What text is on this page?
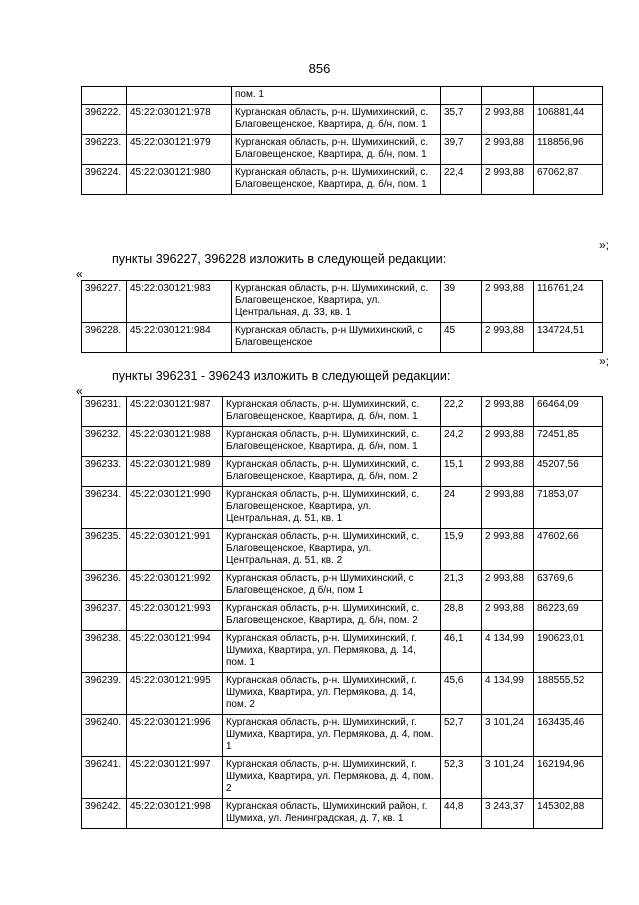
856
		пом. 1			
396222.	45:22:030121:978	Курганская область, р-н. Шумихинский, с. Благовещенское, Квартира, д. б/н, пом. 1	35,7	2 993,88	106881,44
396223.	45:22:030121:979	Курганская область, р-н. Шумихинский, с. Благовещенское, Квартира, д. б/н, пом. 1	39,7	2 993,88	118856,96
396224.	45:22:030121:980	Курганская область, р-н. Шумихинский, с. Благовещенское, Квартира, д. б/н, пом. 1	22,4	2 993,88	67062,87
»;
пункты 396227, 396228 изложить в следующей редакции:
«
396227.	45:22:030121:983	Курганская область, р-н. Шумихинский, с. Благовещенское, Квартира, ул. Центральная, д. 33, кв. 1	39	2 993,88	116761,24
396228.	45:22:030121:984	Курганская область, р-н Шумихинский, с Благовещенское	45	2 993,88	134724,51
»;
пункты 396231 - 396243 изложить в следующей редакции:
«
396231.	45:22:030121:987	Курганская область, р-н. Шумихинский, с. Благовещенское, Квартира, д. б/н, пом. 1	22,2	2 993,88	66464,09
396232.	45:22:030121:988	Курганская область, р-н. Шумихинский, с. Благовещенское, Квартира, д. б/н, пом. 1	24,2	2 993,88	72451,85
396233.	45:22:030121:989	Курганская область, р-н. Шумихинский, с. Благовещенское, Квартира, д. б/н, пом. 2	15,1	2 993,88	45207,56
396234.	45:22:030121:990	Курганская область, р-н. Шумихинский, с. Благовещенское, Квартира, ул. Центральная, д. 51, кв. 1	24	2 993,88	71853,07
396235.	45:22:030121:991	Курганская область, р-н. Шумихинский, с. Благовещенское, Квартира, ул. Центральная, д. 51, кв. 2	15,9	2 993,88	47602,66
396236.	45:22:030121:992	Курганская область, р-н Шумихинский, с Благовещенское, д б/н, пом 1	21,3	2 993,88	63769,6
396237.	45:22:030121:993	Курганская область, р-н. Шумихинский, с. Благовещенское, Квартира, д. б/н, пом. 2	28,8	2 993,88	86223,69
396238.	45:22:030121:994	Курганская область, р-н. Шумихинский, г. Шумиха, Квартира, ул. Пермякова, д. 14, пом. 1	46,1	4 134,99	190623,01
396239.	45:22:030121:995	Курганская область, р-н. Шумихинский, г. Шумиха, Квартира, ул. Пермякова, д. 14, пом. 2	45,6	4 134,99	188555,52
396240.	45:22:030121:996	Курганская область, р-н. Шумихинский, г. Шумиха, Квартира, ул. Пермякова, д. 4, пом. 1	52,7	3 101,24	163435,46
396241.	45:22:030121:997	Курганская область, р-н. Шумихинский, г. Шумиха, Квартира, ул. Пермякова, д. 4, пом. 2	52,3	3 101,24	162194,96
396242.	45:22:030121:998	Курганская область, Шумихинский район, г. Шумиха, ул. Ленинградская, д. 7, кв. 1	44,8	3 243,37	145302,88
